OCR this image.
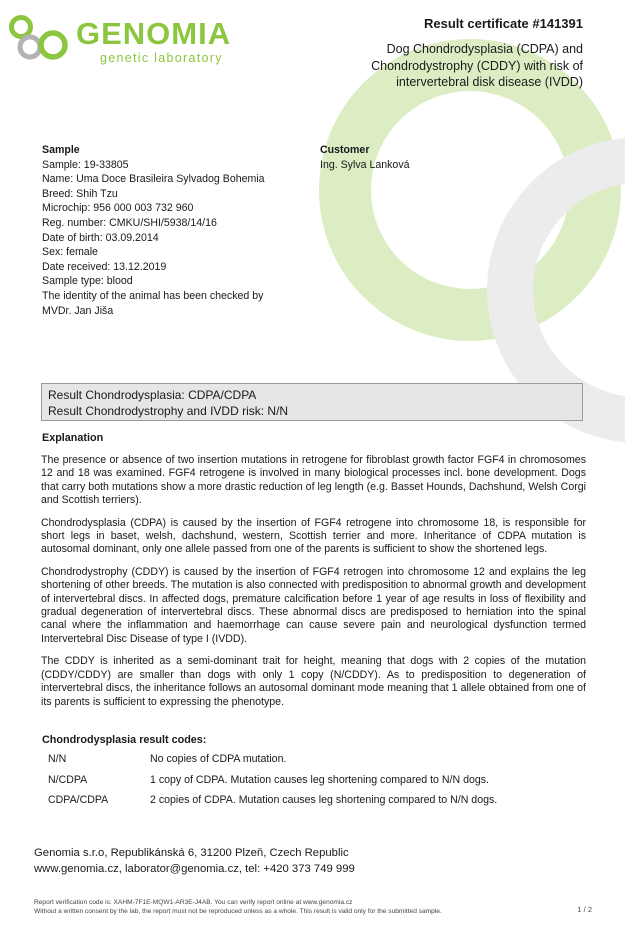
GENOMIA
genetic laboratory
Result certificate #141391
Dog Chondrodysplasia (CDPA) and
Chondrodystrophy (CDDY) with risk of
intervertebral disk disease (IVDD)
Sample
Sample: 19-33805
Name: Uma Doce Brasileira Sylvadog Bohemia
Breed: Shih Tzu
Microchip: 956 000 003 732 960
Reg. number: CMKU/SHI/5938/14/16
Date of birth: 03.09.2014
Sex: female
Date received: 13.12.2019
Sample type: blood
The identity of the animal has been checked by
MVDr. Jan Jiša
Customer
Ing. Sylva Lanková
Result Chondrodysplasia: CDPA/CDPA
Result Chondrodystrophy and IVDD risk: N/N
Explanation

The presence or absence of two insertion mutations in retrogene for fibroblast growth factor FGF4 in chromosomes 12 and 18 was examined. FGF4 retrogene is involved in many biological processes incl. bone development. Dogs that carry both mutations show a more drastic reduction of leg length (e.g. Basset Hounds, Dachshund, Welsh Corgi and Scottish terriers).

Chondrodysplasia (CDPA) is caused by the insertion of FGF4 retrogene into chromosome 18, is responsible for short legs in baset, welsh, dachshund, western, Scottish terrier and more. Inheritance of CDPA mutation is autosomal dominant, only one allele passed from one of the parents is sufficient to show the shortened legs.

Chondrodystrophy (CDDY) is caused by the insertion of FGF4 retrogen into chromosome 12 and explains the leg shortening of other breeds. The mutation is also connected with predisposition to abnormal growth and development of intervertebral discs. In affected dogs, premature calcification before 1 year of age results in loss of flexibility and gradual degeneration of intervertebral discs. These abnormal discs are predisposed to herniation into the spinal canal where the inflammation and haemorrhage can cause severe pain and neurological dysfunction termed Intervertebral Disc Disease of type I (IVDD).

The CDDY is inherited as a semi-dominant trait for height, meaning that dogs with 2 copies of the mutation (CDDY/CDDY) are smaller than dogs with only 1 copy (N/CDDY). As to predisposition to degeneration of intervertebral discs, the inheritance follows an autosomal dominant mode meaning that 1 allele obtained from one of its parents is sufficient to expressing the phenotype.

Chondrodysplasia result codes:
N/N	No copies of CDPA mutation.
N/CDPA	1 copy of CDPA. Mutation causes leg shortening compared to N/N dogs.
CDPA/CDPA	2 copies of CDPA. Mutation causes leg shortening compared to N/N dogs.
Genomia s.r.o, Republikánská 6, 31200 Plzeň, Czech Republic
www.genomia.cz, laborator@genomia.cz, tel: +420 373 749 999
Report verification code is: XAHM-7F1E-MQW1-AR3E-J4AB. You can verify report online at www.genomia.cz
Without a written consent by the lab, the report must not be reproduced unless as a whole. This result is valid only for the submitted sample.	1 / 2
